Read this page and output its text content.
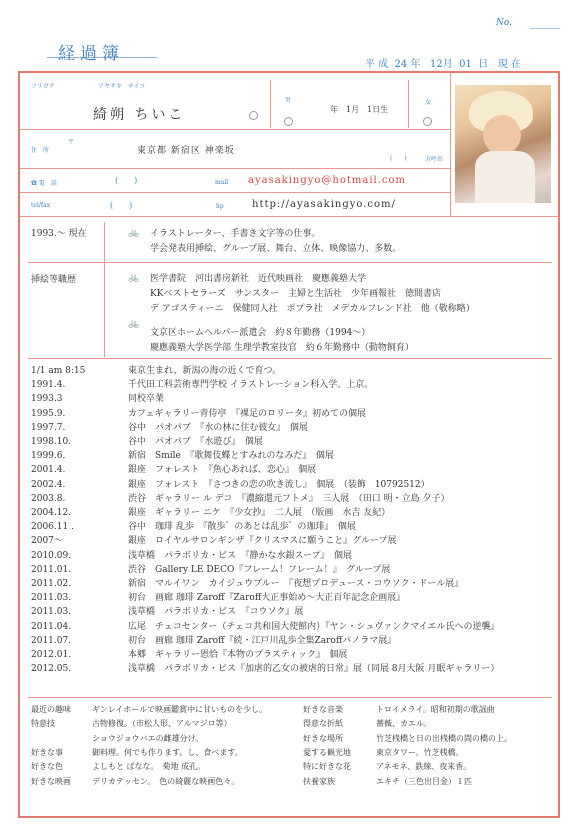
No.
経過簿
平 成 24 年 12月 01 日 現 在
フリガナ	アヤサキ　チイコ
綺朔 ちいこ
男
年　1月　1日生
女
住　所
〒
東京都 新宿区 神楽坂
(　　)	方呼出
☎ 電　話	(　　)	mail ayasakingyo@hotmail.com
tel/fax	(　　)	hp	http://ayasakingyo.com/
1993.～ 現在	🚲 イラストレーター、手書き文字等の仕事。
学会発表用挿絵、グループ展、舞台、立体、映像協力、多数。
挿絵等職歴	🚲 医学書院　河出書房新社　近代映画社　慶應義塾大学
KKベストセラーズ　サンスター　主婦と生活社　少年画報社　徳間書店
デ アゴスティーニ　保健同人社　ポプラ社　メデカルフレンド社　他（敬称略）
🚲
文京区ホームヘルパー派遣会　約８年勤務（1994～）
慶應義塾大学医学部 生理学教室技官　約６年勤務中（動物飼育）
1/1 am 8:15	東京生まれ、新潟の海の近くで育つ。
1991.4.	千代田工科芸術専門学校 イラストレーション科入学。上京。
1993.3	同校卒業
1995.9.	カフェギャラリー青侍亭　『裸足のロリータ』初めての個展
1997.7.	谷中　 パオパブ　『水の林に住む彼女』　個展
1998.10.	谷中　 パオパブ　『水遊び』　個展
1999.6.	新宿　 Smile　『歌舞伎蝶とすみれのなみだ』　個展
2001.4.	銀座　 フォレスト　『魚心あれば、恋心』　個展
2002.4.	銀座　 フォレスト　『さつきの恋の吹き流し』　個展　（装飾　10792512）
2003.8.	渋谷　 ギャラリー ル デコ　『濃縮還元フトメ』　三人展　（田口 明・立島 夕子）
2004.12.	銀座　 ギャラリー ニケ　『少女抄』　二人展　（版画　水吉 友紀）
2006.11 .	谷中　 珈琲 乱歩　『散歩゛のあとは乱歩゛の珈琲』　個展
2007～	銀座　 ロイヤルサロンギンザ『クリスマスに願うこと』グループ展
2010.09.	浅草橋　 パラボリカ・ビス　『静かな水銀スープ』　個展
2011.01.	渋谷　 Gallery LE DECO『フレーム！フレーム！』　グループ展
2011.02.	新宿　 マルイワン　カイジュウブルー　『夜想プロデュース・コウソク・ドール展』
2011.03.	初台　 画廊 珈琲 Zaroff『Zaroff大正事始め～大正百年記念企画展』
2011.03.	浅草橋　 パラボリカ・ビス　『コウソク』展
2011.04.	広尾　 チェコセンター（チェコ共和国大使館内）『ヤン・シュヴァンクマイエル氏への逆襲』
2011.07.	初台　 画廊 珈琲 Zaroff『続・江戸川乱歩全集Zaroffパノラマ展』
2012.01.	本郷　 ギャラリー恩恰『本物のプラスティック』　個展
2012.05.	浅草橋　 パラボリカ・ビス『加虐的乙女の被虐的日常』展（同展 8月大阪 月眠ギャラリー）
最近の趣味	ギンレイホールで映画鑑賞中に甘いものを少し。
特意技	古物修復。（市松人形、アルマジロ等）
ショウジョウバエの雌雄分け。
好きな事	御料理。何でも作ります。し、食べます。
好きな色	よしもと ばなな。　菊地 成孔。
好きな映画	デリカテッセン。　色の綺麗な映画色々。
好きな音楽	トロイメライ。昭和初期の歌謡曲
得意な折紙	薔薇、カエル。
好きな場所	竹芝桟橋と日の出桟橋の間の橋の上。
愛する観光地	東京タワー。竹芝桟橋。
特に好きな花	アネモネ、鉄線、夜来香。
扶養家族	エキチ（三色出目金）１匹
